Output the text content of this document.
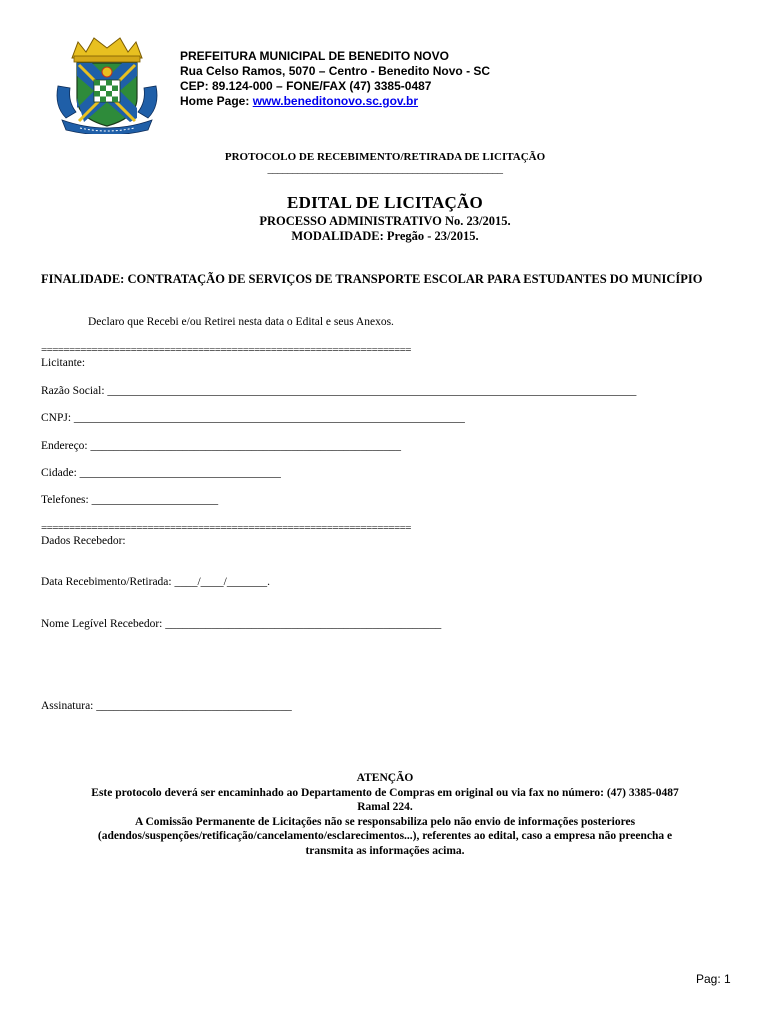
PREFEITURA MUNICIPAL DE BENEDITO NOVO
Rua Celso Ramos, 5070 – Centro - Benedito Novo - SC
CEP: 89.124-000 – FONE/FAX (47) 3385-0487
Home Page: www.beneditonovo.sc.gov.br
PROTOCOLO DE RECEBIMENTO/RETIRADA DE LICITAÇÃO
_______________________________________________
EDITAL DE LICITAÇÃO
PROCESSO ADMINISTRATIVO No. 23/2015.
MODALIDADE: Pregão - 23/2015.
FINALIDADE: CONTRATAÇÃO DE SERVIÇOS DE TRANSPORTE ESCOLAR PARA ESTUDANTES DO MUNICÍPIO
Declaro que Recebi e/ou Retirei nesta data o Edital e seus Anexos.
==================================================================
Licitante:
Razão Social: ____________________________________________________________________________________________
CNPJ: ____________________________________________________________________
Endereço: ______________________________________________________
Cidade: ___________________________________
Telefones: ______________________
==================================================================
Dados Recebedor:
Data Recebimento/Retirada: ____/____/_______.
Nome Legível Recebedor: ________________________________________________
Assinatura: __________________________________
ATENÇÃO
Este protocolo deverá ser encaminhado ao Departamento de Compras em original ou via fax no número: (47) 3385-0487
Ramal 224.
A Comissão Permanente de Licitações não se responsabiliza pelo não envio de informações posteriores
(adendos/suspenções/retificação/cancelamento/esclarecimentos...), referentes ao edital, caso a empresa não preencha e
transmita as informações acima.
Pag: 1
